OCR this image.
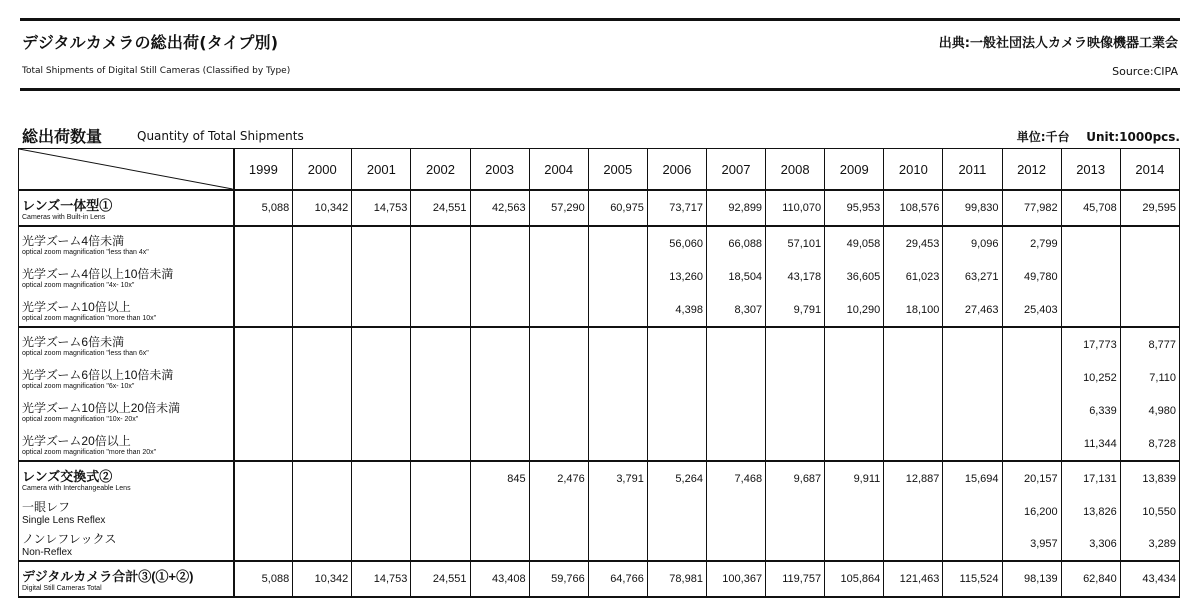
デジタルカメラの総出荷(タイプ別)	出典:一般社団法人カメラ映像機器工業会
Total Shipments of Digital Still Cameras (Classified by Type)	Source:CIPA
総出荷数量	Quantity of Total Shipments	単位:千台 Unit:1000pcs.
	1999	2000	2001	2002	2003	2004	2005	2006	2007	2008	2009	2010	2011	2012	2013	2014

レンズ一体型①
Cameras with Built-in Lens	5,088	10,342	14,753	24,551	42,563	57,290	60,975	73,717	92,899	110,070	95,953	108,576	99,830	77,982	45,708	29,595

光学ズーム4倍未満
optical zoom magnification "less than 4x"								56,060	66,088	57,101	49,058	29,453	9,096	2,799		

光学ズーム4倍以上10倍未満
optical zoom magnification "4x- 10x"								13,260	18,504	43,178	36,605	61,023	63,271	49,780		

光学ズーム10倍以上
optical zoom magnification "more than 10x"								4,398	8,307	9,791	10,290	18,100	27,463	25,403		

光学ズーム6倍未満
optical zoom magnification "less than 6x"															17,773	8,777

光学ズーム6倍以上10倍未満
optical zoom magnification "6x- 10x"															10,252	7,110

光学ズーム10倍以上20倍未満
optical zoom magnification "10x- 20x"															6,339	4,980

光学ズーム20倍以上
optical zoom magnification "more than 20x"															11,344	8,728

レンズ交換式②
Camera with Interchangeable Lens					845	2,476	3,791	5,264	7,468	9,687	9,911	12,887	15,694	20,157	17,131	13,839

一眼レフ
Single Lens Reflex														16,200	13,826	10,550

ノンレフレックス
Non-Reflex														3,957	3,306	3,289

デジタルカメラ合計③(①+②)
Digital Still Cameras Total	5,088	10,342	14,753	24,551	43,408	59,766	64,766	78,981	100,367	119,757	105,864	121,463	115,524	98,139	62,840	43,434
